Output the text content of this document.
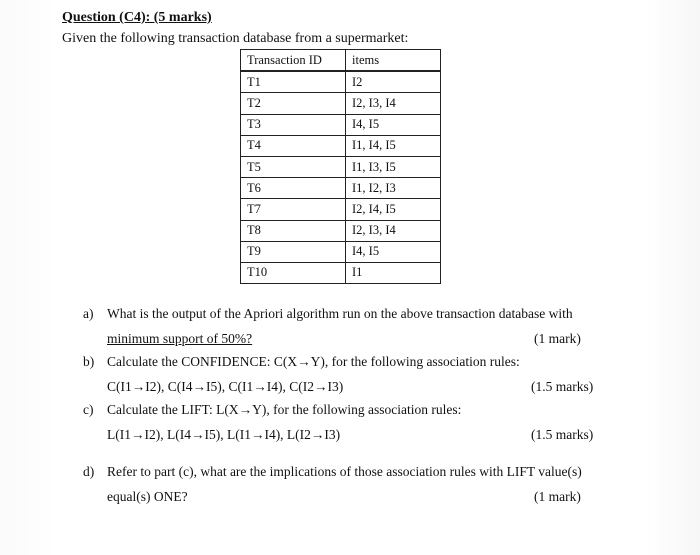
Question (C4): (5 marks)
Given the following transaction database from a supermarket:
Transaction ID	items
T1	I2
T2	I2, I3, I4
T3	I4, I5
T4	I1, I4, I5
T5	I1, I3, I5
T6	I1, I2, I3
T7	I2, I4, I5
T8	I2, I3, I4
T9	I4, I5
T10	I1
a) What is the output of the Apriori algorithm run on the above transaction database with
minimum support of 50%?	(1 mark)
b) Calculate the CONFIDENCE: C(X→Y), for the following association rules:
C(I1→I2), C(I4→I5), C(I1→I4), C(I2→I3)	(1.5 marks)
c) Calculate the LIFT: L(X→Y), for the following association rules:
L(I1→I2), L(I4→I5), L(I1→I4), L(I2→I3)	(1.5 marks)
d) Refer to part (c), what are the implications of those association rules with LIFT value(s)
equal(s) ONE?	(1 mark)
